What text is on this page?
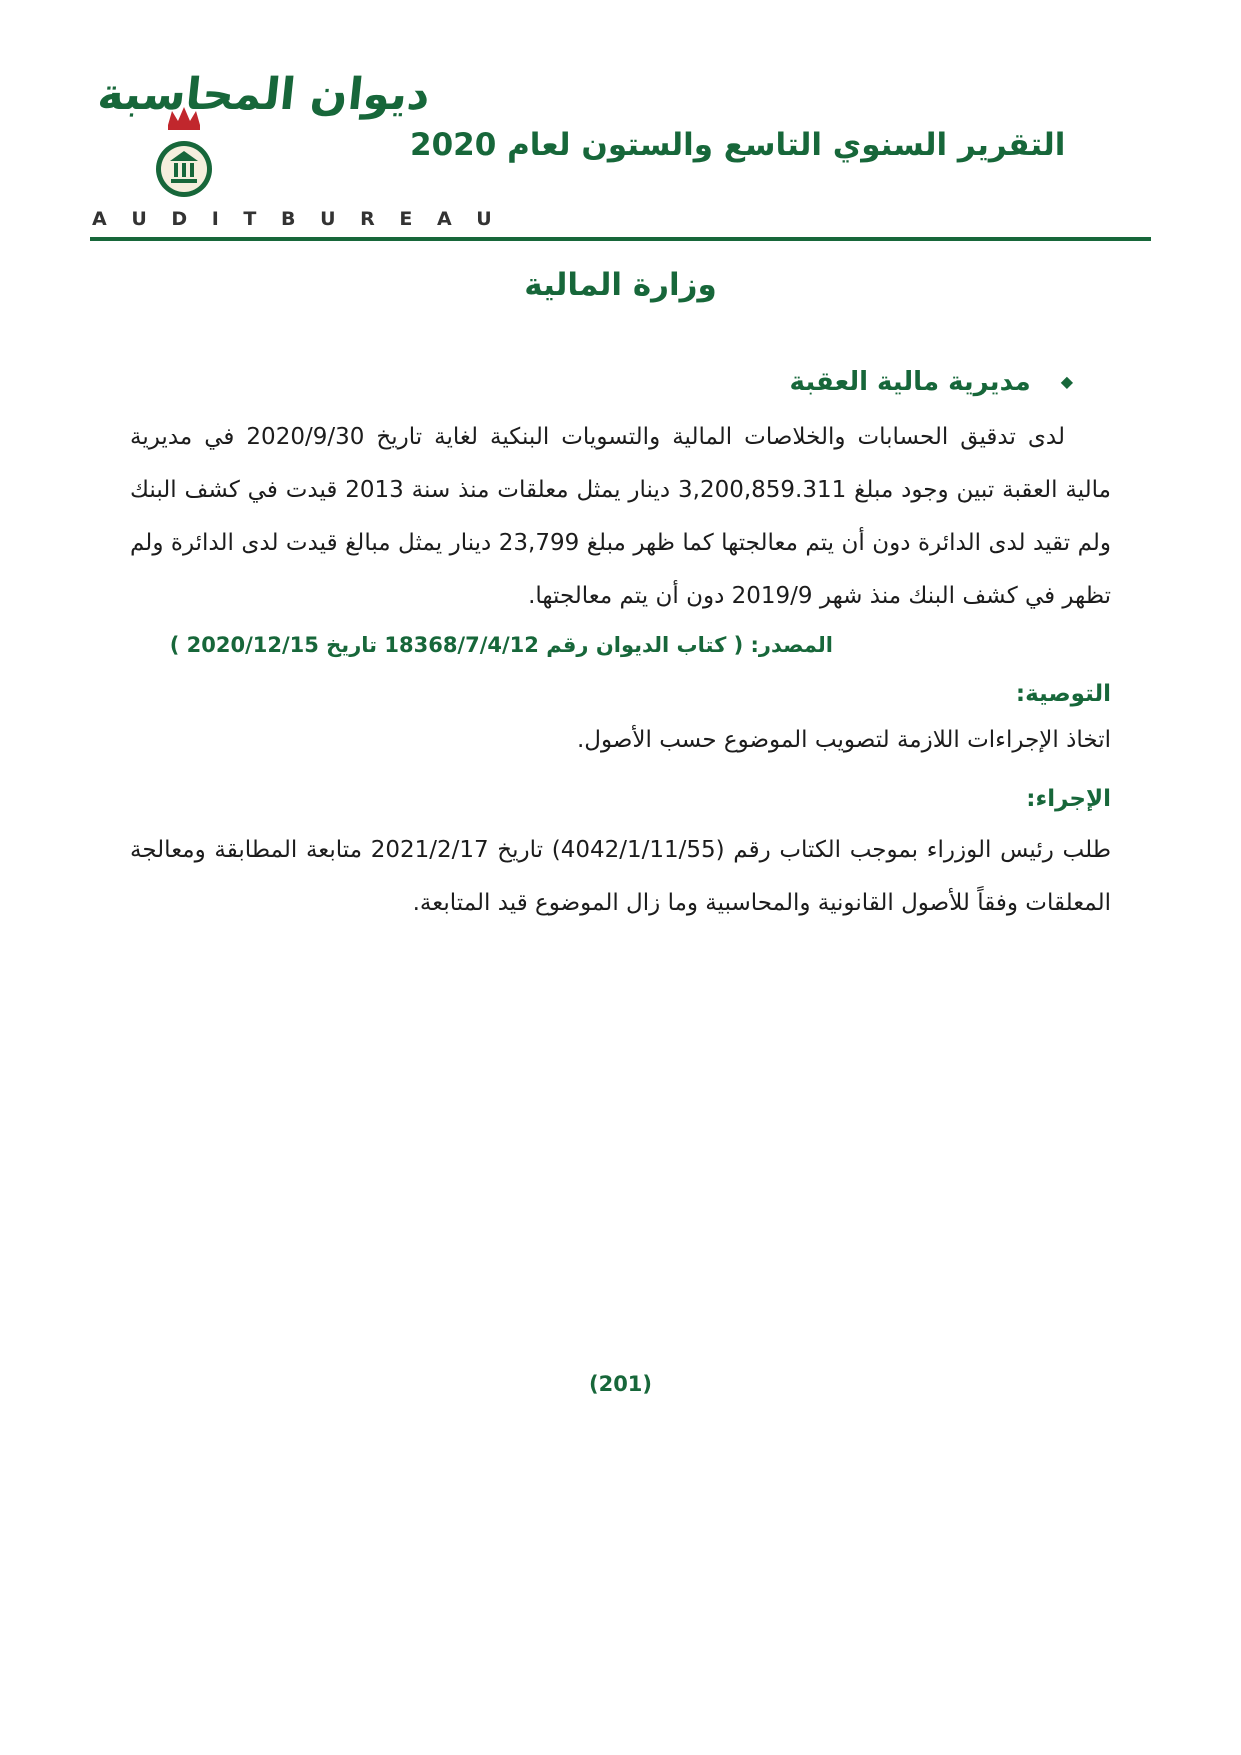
ديوان المحاسبة
A U D I T B U R E A U
التقرير السنوي التاسع والستون لعام 2020
وزارة المالية
◆
مديرية مالية العقبة

لدى تدقيق الحسابات والخلاصات المالية والتسويات البنكية لغاية تاريخ 2020/9/30 في مديرية مالية العقبة تبين وجود مبلغ 3,200,859.311 دينار يمثل معلقات منذ سنة 2013 قيدت في كشف البنك ولم تقيد لدى الدائرة دون أن يتم معالجتها كما ظهر مبلغ 23,799 دينار يمثل مبالغ قيدت لدى الدائرة ولم تظهر في كشف البنك منذ شهر 2019/9 دون أن يتم معالجتها.

المصدر: ( كتاب الديوان رقم 18368/7/4/12 تاريخ 2020/12/15 )

التوصية:

اتخاذ الإجراءات اللازمة لتصويب الموضوع حسب الأصول.

الإجراء:

طلب رئيس الوزراء بموجب الكتاب رقم (4042/1/11/55) تاريخ 2021/2/17 متابعة المطابقة ومعالجة المعلقات وفقاً للأصول القانونية والمحاسبية وما زال الموضوع قيد المتابعة.

(201)
